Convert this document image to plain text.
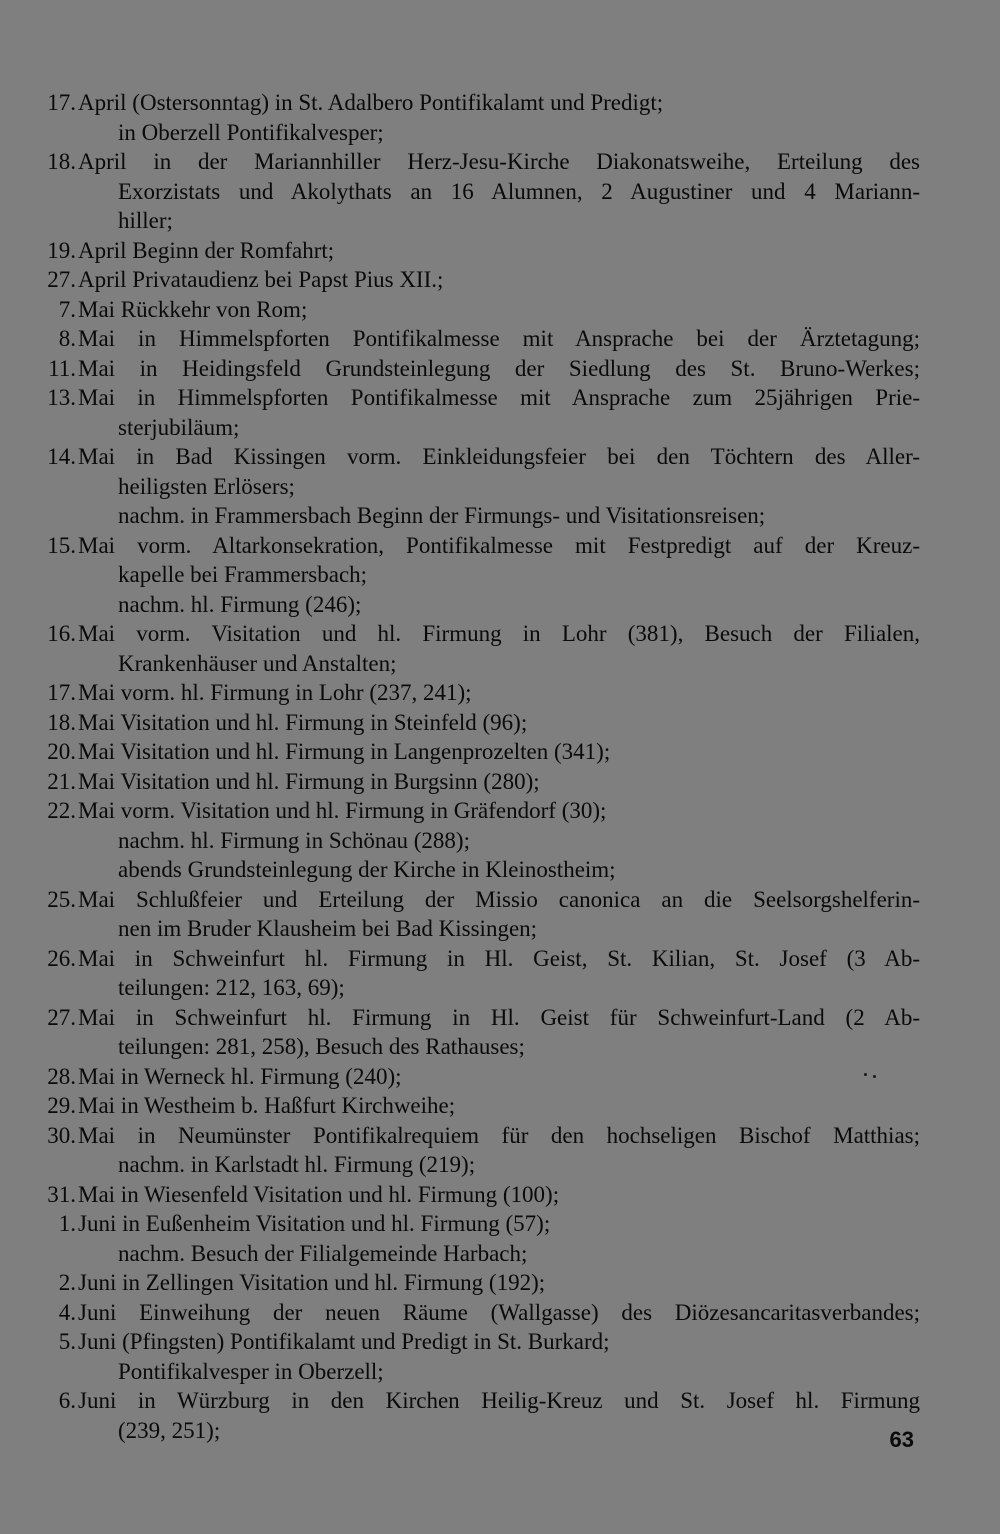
17. April (Ostersonntag) in St. Adalbero Pontifikalamt und Predigt;
in Oberzell Pontifikalvesper;
18. April in der Mariannhiller Herz-Jesu-Kirche Diakonatsweihe, Erteilung des
Exorzistats und Akolythats an 16 Alumnen, 2 Augustiner und 4 Mariann-
hiller;
19. April Beginn der Romfahrt;
27. April Privataudienz bei Papst Pius XII.;
7. Mai Rückkehr von Rom;
8. Mai in Himmelspforten Pontifikalmesse mit Ansprache bei der Ärztetagung;
11. Mai in Heidingsfeld Grundsteinlegung der Siedlung des St. Bruno-Werkes;
13. Mai in Himmelspforten Pontifikalmesse mit Ansprache zum 25jährigen Prie-
sterjubiläum;
14. Mai in Bad Kissingen vorm. Einkleidungsfeier bei den Töchtern des Aller-
heiligsten Erlösers;
nachm. in Frammersbach Beginn der Firmungs- und Visitationsreisen;
15. Mai vorm. Altarkonsekration, Pontifikalmesse mit Festpredigt auf der Kreuz-
kapelle bei Frammersbach;
nachm. hl. Firmung (246);
16. Mai vorm. Visitation und hl. Firmung in Lohr (381), Besuch der Filialen,
Krankenhäuser und Anstalten;
17. Mai vorm. hl. Firmung in Lohr (237, 241);
18. Mai Visitation und hl. Firmung in Steinfeld (96);
20. Mai Visitation und hl. Firmung in Langenprozelten (341);
21. Mai Visitation und hl. Firmung in Burgsinn (280);
22. Mai vorm. Visitation und hl. Firmung in Gräfendorf (30);
nachm. hl. Firmung in Schönau (288);
abends Grundsteinlegung der Kirche in Kleinostheim;
25. Mai Schlußfeier und Erteilung der Missio canonica an die Seelsorgshelferin-
nen im Bruder Klausheim bei Bad Kissingen;
26. Mai in Schweinfurt hl. Firmung in Hl. Geist, St. Kilian, St. Josef (3 Ab-
teilungen: 212, 163, 69);
27. Mai in Schweinfurt hl. Firmung in Hl. Geist für Schweinfurt-Land (2 Ab-
teilungen: 281, 258), Besuch des Rathauses;
28. Mai in Werneck hl. Firmung (240);
29. Mai in Westheim b. Haßfurt Kirchweihe;
30. Mai in Neumünster Pontifikalrequiem für den hochseligen Bischof Matthias;
nachm. in Karlstadt hl. Firmung (219);
31. Mai in Wiesenfeld Visitation und hl. Firmung (100);
1. Juni in Eußenheim Visitation und hl. Firmung (57);
nachm. Besuch der Filialgemeinde Harbach;
2. Juni in Zellingen Visitation und hl. Firmung (192);
4. Juni Einweihung der neuen Räume (Wallgasse) des Diözesancaritasverbandes;
5. Juni (Pfingsten) Pontifikalamt und Predigt in St. Burkard;
Pontifikalvesper in Oberzell;
6. Juni in Würzburg in den Kirchen Heilig-Kreuz und St. Josef hl. Firmung
(239, 251);	63
